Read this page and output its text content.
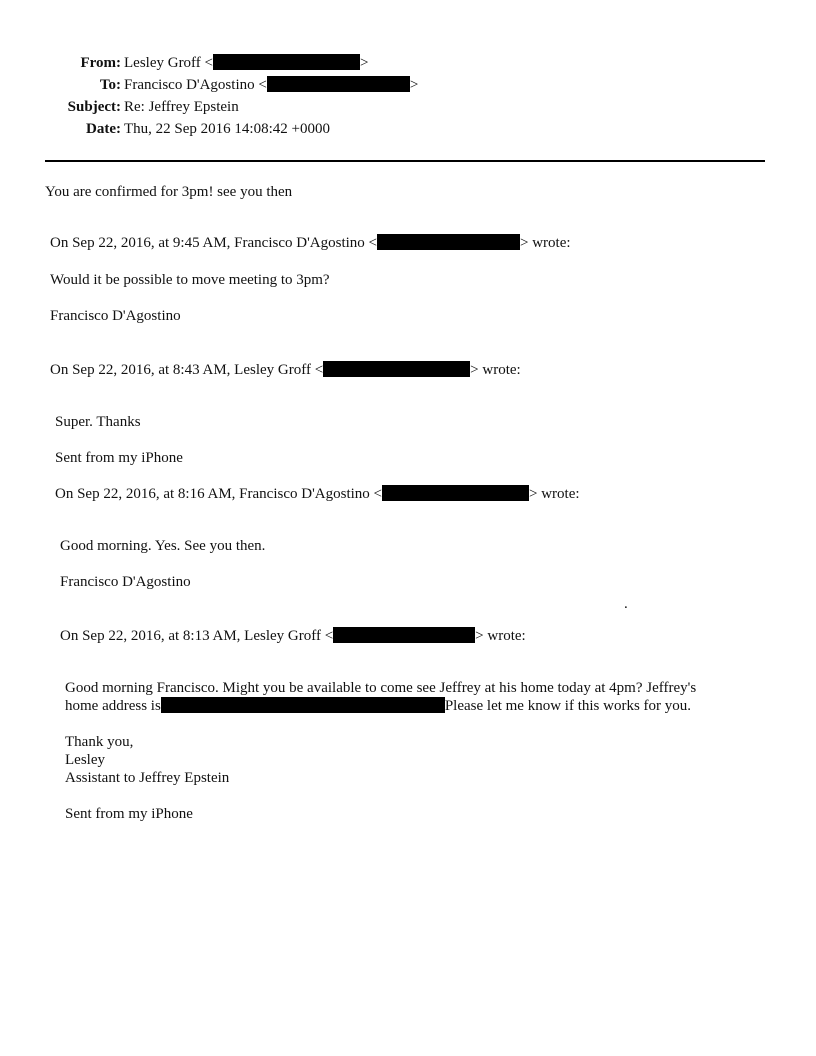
From: Lesley Groff <	>
To: Francisco D'Agostino <	>
Subject: Re: Jeffrey Epstein
Date: Thu, 22 Sep 2016 14:08:42 +0000
You are confirmed for 3pm! see you then
On Sep 22, 2016, at 9:45 AM, Francisco D'Agostino <	> wrote:
Would it be possible to move meeting to 3pm?
Francisco D'Agostino
On Sep 22, 2016, at 8:43 AM, Lesley Groff <	> wrote:
Super. Thanks
Sent from my iPhone
On Sep 22, 2016, at 8:16 AM, Francisco D'Agostino <	> wrote:
Good morning. Yes. See you then.
Francisco D'Agostino
.
On Sep 22, 2016, at 8:13 AM, Lesley Groff <	> wrote:
Good morning Francisco. Might you be available to come see Jeffrey at his home today at 4pm? Jeffrey's
home address is	Please let me know if this works for you.
Thank you,
Lesley
Assistant to Jeffrey Epstein
Sent from my iPhone
